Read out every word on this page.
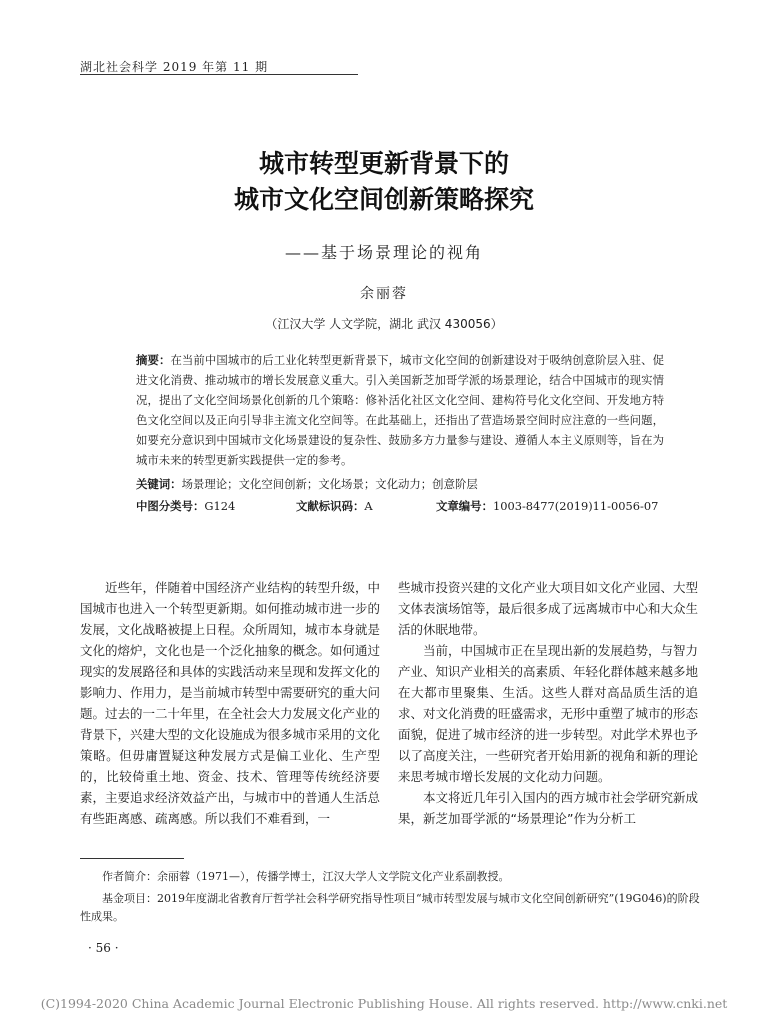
湖北社会科学 2019 年第 11 期
城市转型更新背景下的
城市文化空间创新策略探究
——基于场景理论的视角
余丽蓉
（江汉大学 人文学院，湖北 武汉 430056）
摘要：在当前中国城市的后工业化转型更新背景下，城市文化空间的创新建设对于吸纳创意阶层入驻、促进文化消费、推动城市的增长发展意义重大。引入美国新芝加哥学派的场景理论，结合中国城市的现实情况，提出了文化空间场景化创新的几个策略：修补活化社区文化空间、建构符号化文化空间、开发地方特色文化空间以及正向引导非主流文化空间等。在此基础上，还指出了营造场景空间时应注意的一些问题，如要充分意识到中国城市文化场景建设的复杂性、鼓励多方力量参与建设、遵循人本主义原则等，旨在为城市未来的转型更新实践提供一定的参考。
关键词：场景理论；文化空间创新；文化场景；文化动力；创意阶层
中图分类号：G124	文献标识码：A	文章编号：1003-8477(2019)11-0056-07

近些年，伴随着中国经济产业结构的转型升级，中国城市也进入一个转型更新期。如何推动城市进一步的发展，文化战略被提上日程。众所周知，城市本身就是文化的熔炉，文化也是一个泛化抽象的概念。如何通过现实的发展路径和具体的实践活动来呈现和发挥文化的影响力、作用力，是当前城市转型中需要研究的重大问题。过去的一二十年里，在全社会大力发展文化产业的背景下，兴建大型的文化设施成为很多城市采用的文化策略。但毋庸置疑这种发展方式是偏工业化、生产型的，比较倚重土地、资金、技术、管理等传统经济要素，主要追求经济效益产出，与城市中的普通人生活总有些距离感、疏离感。所以我们不难看到，一

些城市投资兴建的文化产业大项目如文化产业园、大型文体表演场馆等，最后很多成了远离城市中心和大众生活的休眠地带。

当前，中国城市正在呈现出新的发展趋势，与智力产业、知识产业相关的高素质、年轻化群体越来越多地在大都市里聚集、生活。这些人群对高品质生活的追求、对文化消费的旺盛需求，无形中重塑了城市的形态面貌，促进了城市经济的进一步转型。对此学术界也予以了高度关注，一些研究者开始用新的视角和新的理论来思考城市增长发展的文化动力问题。

本文将近几年引入国内的西方城市社会学研究新成果，新芝加哥学派的“场景理论”作为分析工

作者简介：余丽蓉（1971—），传播学博士，江汉大学人文学院文化产业系副教授。
基金项目：2019年度湖北省教育厅哲学社会科学研究指导性项目“城市转型发展与城市文化空间创新研究”(19G046)的阶段性成果。
· 56 ·
(C)1994-2020 China Academic Journal Electronic Publishing House. All rights reserved. http://www.cnki.net
